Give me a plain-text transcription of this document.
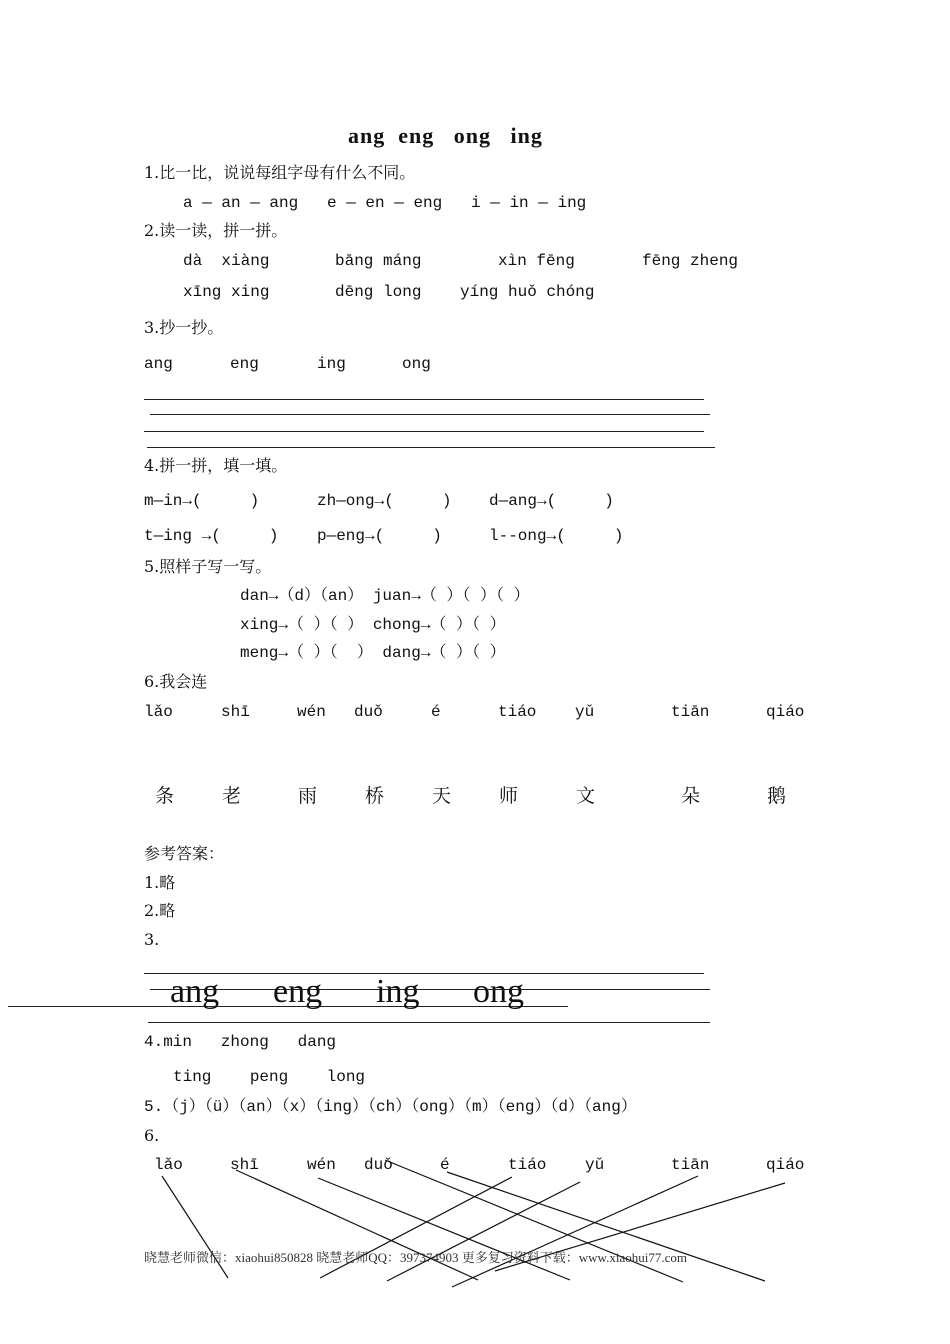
ang  eng   ong   ing
1.比一比，说说每组字母有什么不同。
a — an — ang   e — en — eng   i — in — ing
2.读一读，拼一拼。
dà  xiàng	bāng máng	xìn fēng	fēng zheng
xīng xing	dēng long yíng huǒ chóng
3.抄一抄。
ang	eng	ing	ong
4.拼一拼，填一填。
m—in→(     )	zh—ong→(     ) d—ang→(     )
t—ing →(     ) p—eng→(     )	l--ong→(     )
5.照样子写一写。
dan→（d）（an） juan→（ ）（ ）（ ）
xing→（ ）（ ） chong→（ ）（ ）
meng→（ ）（  ） dang→（ ）（ ）
6.我会连
lǎo	shī	wén duǒ	é	tiáo yǔ	tiān	qiáo
条	老	雨	桥	天	师	文	朵	鹅
参考答案：
1.略
2.略
3.
ang eng ing ong
4.min   zhong   dang
ting    peng    long
5.（j）（ü）（an）（x）（ing）（ch）（ong）（m）（eng）（d）（ang）
6.
lǎo	shī	wén duǒ	é	tiáo yǔ	tiān	qiáo
晓慧老师微信：xiaohui850828 晓慧老师QQ：397374903 更多复习资料下载：www.xiaohui77.com
